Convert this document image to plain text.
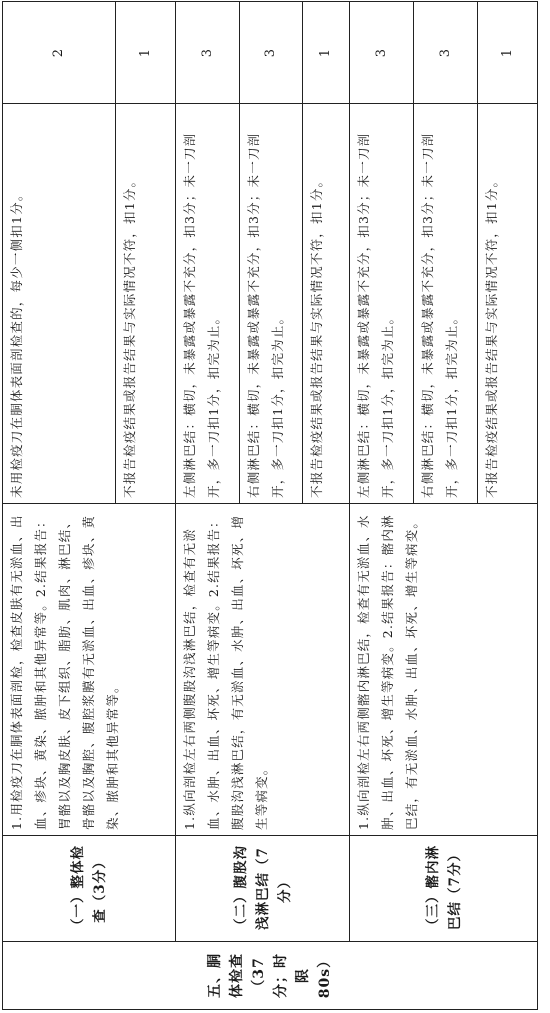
五、胴体检查（37分；时限 80s）	（一）整体检查（3分）	1.用检疫刀在胴体表面剖检，检查皮肤有无淤血、出血、疹块、黄染、脓肿和其他异常等。2.结果报告：胃骼以及胸皮肤、皮下组织、脂肪、肌肉、淋巴结、骨骼以及胸腔、腹腔浆膜有无淤血、出血、疹块、黄染、脓肿和其他异常等。	未用检疫刀在胴体表面剖检查的，每少一侧扣1分。	2
			不报告检疫结果或报告结果与实际情况不符，扣1分。	1
	（二）腹股沟浅淋巴结（7分）	1.纵向剖检左右两侧腹股沟浅淋巴结，检查有无淤血、水肿、出血、坏死、增生等病变。2.结果报告：腹股沟浅淋巴结，有无淤血、水肿、出血、坏死、增生等病变。	左侧淋巴结：横切，未暴露或暴露不充分，扣3分；未一刀剖开，多一刀扣1分，扣完为止。	3
			右侧淋巴结：横切，未暴露或暴露不充分，扣3分；未一刀剖开，多一刀扣1分，扣完为止。	3
			不报告检疫结果或报告结果与实际情况不符，扣1分。	1
	（三）髂内淋巴结（7分）	1.纵向剖检左右两侧髂内淋巴结，检查有无淤血、水肿、出血、坏死、增生等病变。2.结果报告：髂内淋巴结，有无淤血、水肿、出血、坏死、增生等病变。	左侧淋巴结：横切，未暴露或暴露不充分，扣3分；未一刀剖开，多一刀扣1分，扣完为止。	3
			右侧淋巴结：横切，未暴露或暴露不充分，扣3分；未一刀剖开，多一刀扣1分，扣完为止。	3
			不报告检疫结果或报告结果与实际情况不符，扣1分。	1
